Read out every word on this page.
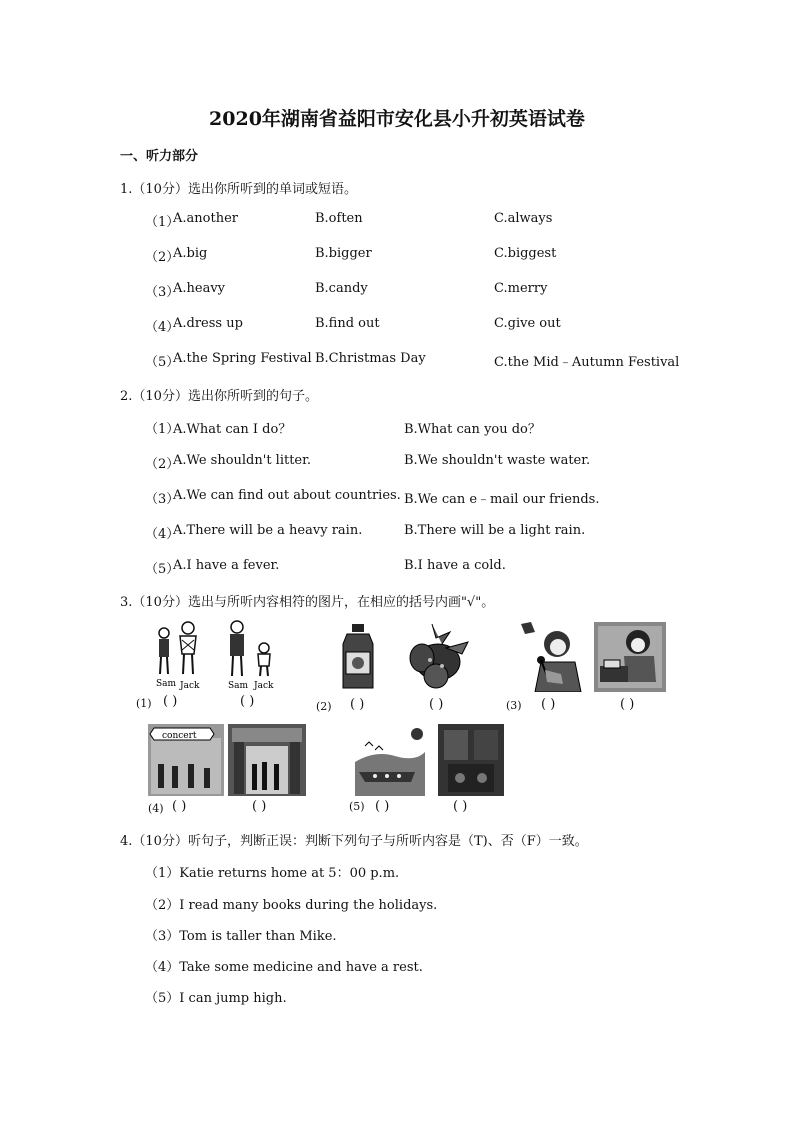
2020年湖南省益阳市安化县小升初英语试卷
一、听力部分
1.（10分）选出你所听到的单词或短语。
（1）
A.another	B.often	C.always
（2）
A.big	B.bigger	C.biggest
（3）
A.heavy	B.candy	C.merry
（4）
A.dress up	B.find out	C.give out
（5）
A.the Spring Festival B.Christmas Day	C.the Mid﹣Autumn Festival
2.（10分）选出你所听到的句子。
（1）
A.What can I do？	B.What can you do？
（2）
A.We shouldn't litter.	B.We shouldn't waste water.
（3）
A.We can find out about countries. B.We can e﹣mail our friends.
（4）
A.There will be a heavy rain.	B.There will be a light rain.
（5）
A.I have a fever.	B.I have a cold.
3.（10分）选出与所听内容相符的图片，在相应的括号内画"√"。
Sam Jack	Sam Jack
(1) ( )	( )	(2) ( )	( )	(3) ( )	( )
concert
(4) ( )	( )	(5) ( )	( )
4.（10分）听句子，判断正误：判断下列句子与所听内容是（T)、否（F）一致。
（1）Katie returns home at 5：00 p.m.
（2）I read many books during the holidays.
（3）Tom is taller than Mike.
（4）Take some medicine and have a rest.
（5）I can jump high.
